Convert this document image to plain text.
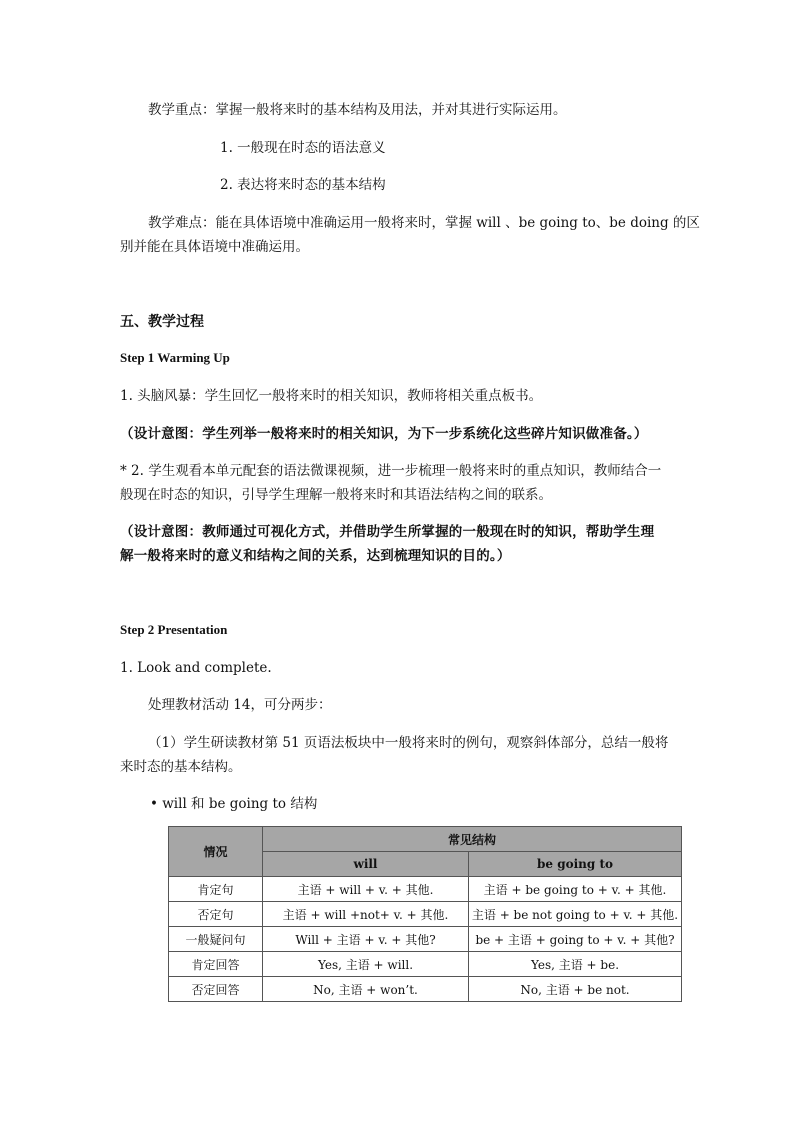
教学重点：掌握一般将来时的基本结构及用法，并对其进行实际运用。
1. 一般现在时态的语法意义
2. 表达将来时态的基本结构
教学难点：能在具体语境中准确运用一般将来时，掌握 will 、be going to、be doing 的区
别并能在具体语境中准确运用。
五、教学过程
Step 1 Warming Up
1. 头脑风暴：学生回忆一般将来时的相关知识，教师将相关重点板书。
（设计意图：学生列举一般将来时的相关知识，为下一步系统化这些碎片知识做准备。）
* 2. 学生观看本单元配套的语法微课视频，进一步梳理一般将来时的重点知识，教师结合一
般现在时态的知识，引导学生理解一般将来时和其语法结构之间的联系。
（设计意图：教师通过可视化方式，并借助学生所掌握的一般现在时的知识，帮助学生理
解一般将来时的意义和结构之间的关系，达到梳理知识的目的。）
Step 2 Presentation
1. Look and complete.
处理教材活动 14，可分两步：
（1）学生研读教材第 51 页语法板块中一般将来时的例句，观察斜体部分，总结一般将
来时态的基本结构。
• will 和 be going to 结构
情况	常见结构	
	will	be going to
肯定句	主语 + will + v. + 其他.	主语 + be going to + v. + 其他.
否定句	主语 + will +not+ v. + 其他.	主语 + be not going to + v. + 其他.
一般疑问句	Will + 主语 + v. + 其他?	be + 主语 + going to + v. + 其他?
肯定回答	Yes, 主语 + will.	Yes, 主语 + be.
否定回答	No, 主语 + won’t.	No, 主语 + be not.
